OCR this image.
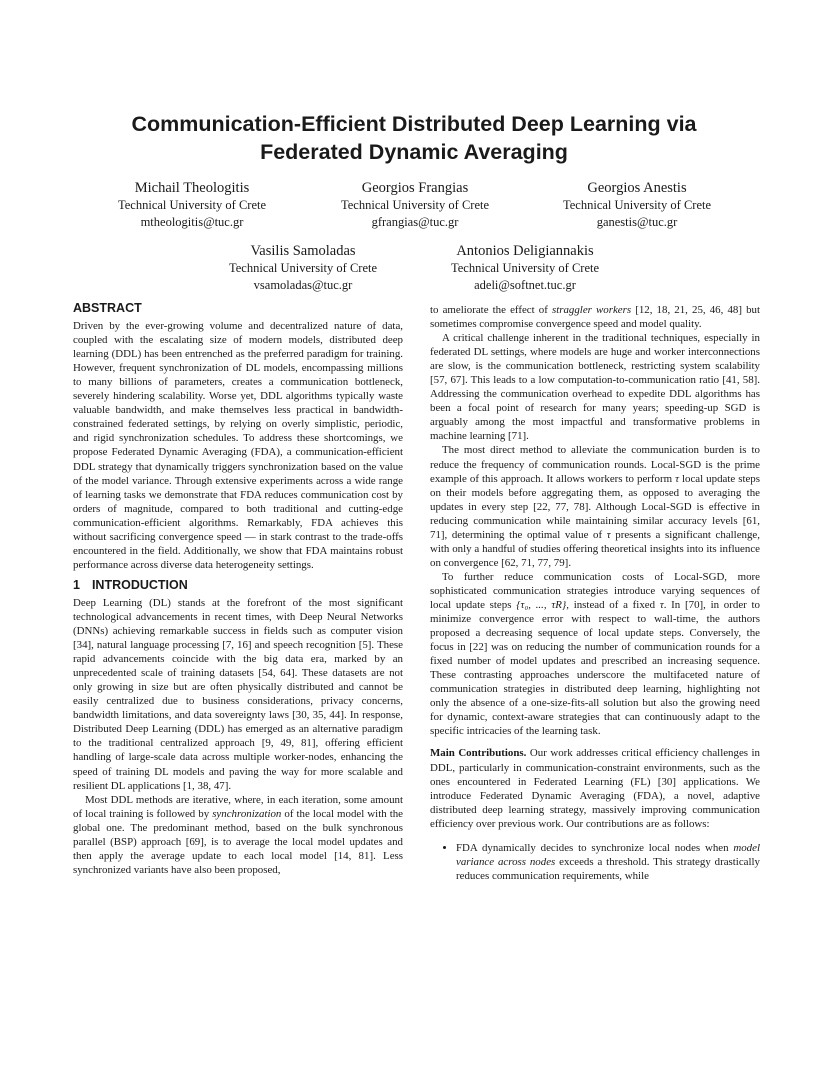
Communication-Efficient Distributed Deep Learning via
Federated Dynamic Averaging
Michail Theologitis
Technical University of Crete
mtheologitis@tuc.gr
Georgios Frangias
Technical University of Crete
gfrangias@tuc.gr
Georgios Anestis
Technical University of Crete
ganestis@tuc.gr
Vasilis Samoladas
Technical University of Crete
vsamoladas@tuc.gr
Antonios Deligiannakis
Technical University of Crete
adeli@softnet.tuc.gr
ABSTRACT

Driven by the ever-growing volume and decentralized nature of data, coupled with the escalating size of modern models, distributed deep learning (DDL) has been entrenched as the preferred paradigm for training. However, frequent synchronization of DL models, encompassing millions to many billions of parameters, creates a communication bottleneck, severely hindering scalability. Worse yet, DDL algorithms typically waste valuable bandwidth, and make themselves less practical in bandwidth-constrained federated settings, by relying on overly simplistic, periodic, and rigid synchronization schedules. To address these shortcomings, we propose Federated Dynamic Averaging (FDA), a communication-efficient DDL strategy that dynamically triggers synchronization based on the value of the model variance. Through extensive experiments across a wide range of learning tasks we demonstrate that FDA reduces communication cost by orders of magnitude, compared to both traditional and cutting-edge communication-efficient algorithms. Remarkably, FDA achieves this without sacrificing convergence speed — in stark contrast to the trade-offs encountered in the field. Additionally, we show that FDA maintains robust performance across diverse data heterogeneity settings.

1 INTRODUCTION

Deep Learning (DL) stands at the forefront of the most significant technological advancements in recent times, with Deep Neural Networks (DNNs) achieving remarkable success in fields such as computer vision [34], natural language processing [7, 16] and speech recognition [5]. These rapid advancements coincide with the big data era, marked by an unprecedented scale of training datasets [54, 64]. These datasets are not only growing in size but are often physically distributed and cannot be easily centralized due to business considerations, privacy concerns, bandwidth limitations, and data sovereignty laws [30, 35, 44]. In response, Distributed Deep Learning (DDL) has emerged as an alternative paradigm to the traditional centralized approach [9, 49, 81], offering efficient handling of large-scale data across multiple worker-nodes, enhancing the speed of training DL models and paving the way for more scalable and resilient DL applications [1, 38, 47].

Most DDL methods are iterative, where, in each iteration, some amount of local training is followed by synchronization of the local model with the global one. The predominant method, based on the bulk synchronous parallel (BSP) approach [69], is to average the local model updates and then apply the average update to each local model [14, 81]. Less synchronized variants have also been proposed,

to ameliorate the effect of straggler workers [12, 18, 21, 25, 46, 48] but sometimes compromise convergence speed and model quality.

A critical challenge inherent in the traditional techniques, especially in federated DL settings, where models are huge and worker interconnections are slow, is the communication bottleneck, restricting system scalability [57, 67]. This leads to a low computation-to-communication ratio [41, 58]. Addressing the communication overhead to expedite DDL algorithms has been a focal point of research for many years; speeding-up SGD is arguably among the most impactful and transformative problems in machine learning [71].

The most direct method to alleviate the communication burden is to reduce the frequency of communication rounds. Local-SGD is the prime example of this approach. It allows workers to perform τ local update steps on their models before aggregating them, as opposed to averaging the updates in every step [22, 77, 78]. Although Local-SGD is effective in reducing communication while maintaining similar accuracy levels [61, 71], determining the optimal value of τ presents a significant challenge, with only a handful of studies offering theoretical insights into its influence on convergence [62, 71, 77, 79].

To further reduce communication costs of Local-SGD, more sophisticated communication strategies introduce varying sequences of local update steps {τ₀, ..., τR}, instead of a fixed τ. In [70], in order to minimize convergence error with respect to wall-time, the authors proposed a decreasing sequence of local update steps. Conversely, the focus in [22] was on reducing the number of communication rounds for a fixed number of model updates and prescribed an increasing sequence. These contrasting approaches underscore the multifaceted nature of communication strategies in distributed deep learning, highlighting not only the absence of a one-size-fits-all solution but also the growing need for dynamic, context-aware strategies that can continuously adapt to the specific intricacies of the learning task.

Main Contributions. Our work addresses critical efficiency challenges in DDL, particularly in communication-constraint environments, such as the ones encountered in Federated Learning (FL) [30] applications. We introduce Federated Dynamic Averaging (FDA), a novel, adaptive distributed deep learning strategy, massively improving communication efficiency over previous work. Our contributions are as follows:

• FDA dynamically decides to synchronize local nodes when model variance across nodes exceeds a threshold. This strategy drastically reduces communication requirements, while
